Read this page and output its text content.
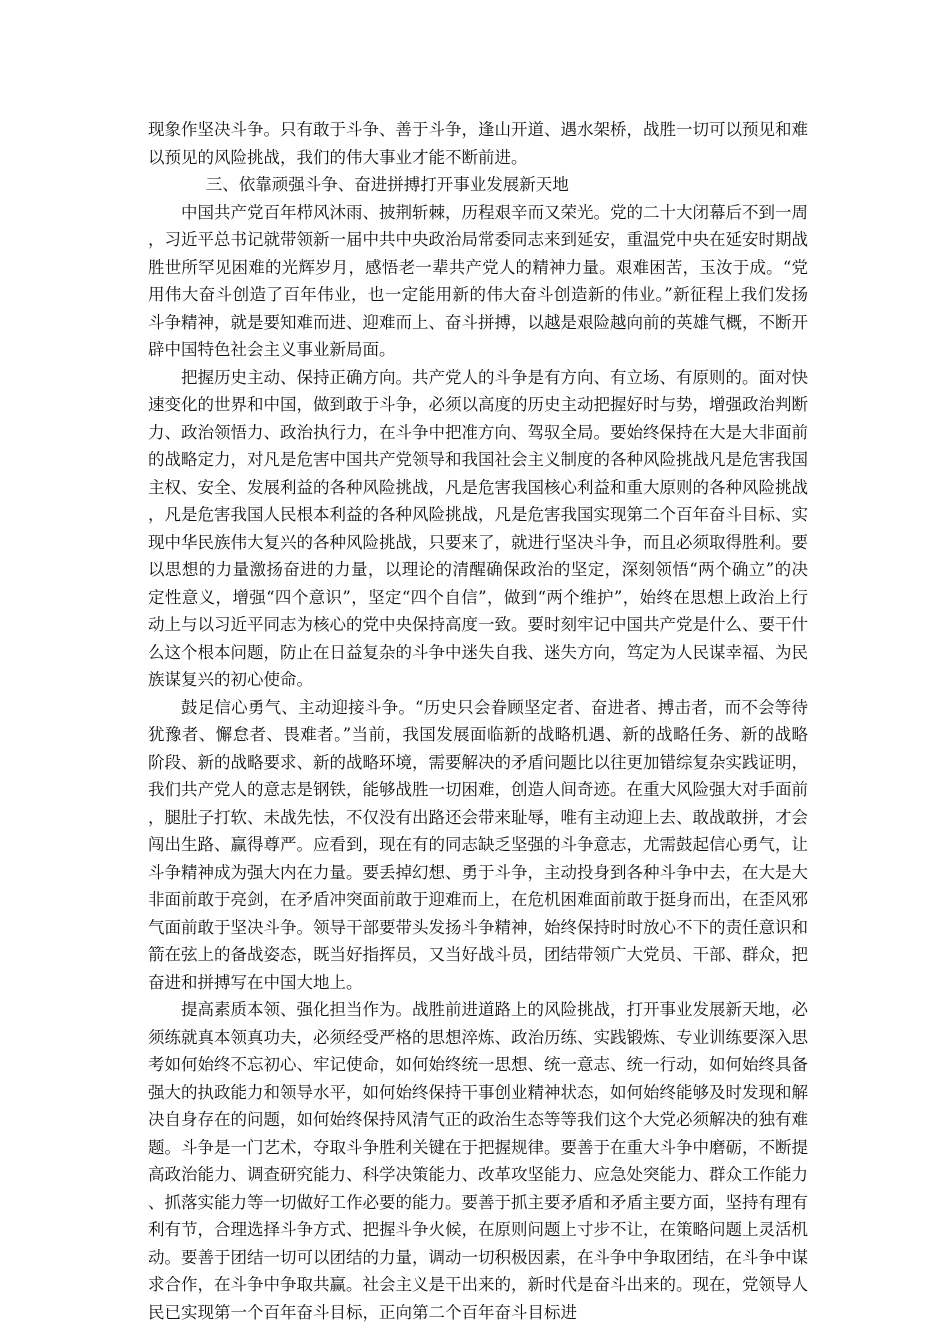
现象作坚决斗争。只有敢于斗争、善于斗争，逢山开道、遇水架桥，战胜一切可以预见和难以预见的风险挑战，我们的伟大事业才能不断前进。

三、依靠顽强斗争、奋进拼搏打开事业发展新天地

中国共产党百年栉风沐雨、披荆斩棘，历程艰辛而又荣光。党的二十大闭幕后不到一周，习近平总书记就带领新一届中共中央政治局常委同志来到延安，重温党中央在延安时期战胜世所罕见困难的光辉岁月，感悟老一辈共产党人的精神力量。艰难困苦，玉汝于成。“党用伟大奋斗创造了百年伟业，也一定能用新的伟大奋斗创造新的伟业。”新征程上我们发扬斗争精神，就是要知难而进、迎难而上、奋斗拼搏，以越是艰险越向前的英雄气概，不断开辟中国特色社会主义事业新局面。

把握历史主动、保持正确方向。共产党人的斗争是有方向、有立场、有原则的。面对快速变化的世界和中国，做到敢于斗争，必须以高度的历史主动把握好时与势，增强政治判断力、政治领悟力、政治执行力，在斗争中把准方向、驾驭全局。要始终保持在大是大非面前的战略定力，对凡是危害中国共产党领导和我国社会主义制度的各种风险挑战凡是危害我国主权、安全、发展利益的各种风险挑战，凡是危害我国核心利益和重大原则的各种风险挑战，凡是危害我国人民根本利益的各种风险挑战，凡是危害我国实现第二个百年奋斗目标、实现中华民族伟大复兴的各种风险挑战，只要来了，就进行坚决斗争，而且必须取得胜利。要以思想的力量激扬奋进的力量，以理论的清醒确保政治的坚定，深刻领悟“两个确立”的决定性意义，增强“四个意识”，坚定“四个自信”，做到“两个维护”，始终在思想上政治上行动上与以习近平同志为核心的党中央保持高度一致。要时刻牢记中国共产党是什么、要干什么这个根本问题，防止在日益复杂的斗争中迷失自我、迷失方向，笃定为人民谋幸福、为民族谋复兴的初心使命。

鼓足信心勇气、主动迎接斗争。“历史只会眷顾坚定者、奋进者、搏击者，而不会等待犹豫者、懈怠者、畏难者。”当前，我国发展面临新的战略机遇、新的战略任务、新的战略阶段、新的战略要求、新的战略环境，需要解决的矛盾问题比以往更加错综复杂实践证明，我们共产党人的意志是钢铁，能够战胜一切困难，创造人间奇迹。在重大风险强大对手面前，腿肚子打软、未战先怯，不仅没有出路还会带来耻辱，唯有主动迎上去、敢战敢拼，才会闯出生路、赢得尊严。应看到，现在有的同志缺乏坚强的斗争意志，尤需鼓起信心勇气，让斗争精神成为强大内在力量。要丢掉幻想、勇于斗争，主动投身到各种斗争中去，在大是大非面前敢于亮剑，在矛盾冲突面前敢于迎难而上，在危机困难面前敢于挺身而出，在歪风邪气面前敢于坚决斗争。领导干部要带头发扬斗争精神，始终保持时时放心不下的责任意识和箭在弦上的备战姿态，既当好指挥员，又当好战斗员，团结带领广大党员、干部、群众，把奋进和拼搏写在中国大地上。

提高素质本领、强化担当作为。战胜前进道路上的风险挑战，打开事业发展新天地，必须练就真本领真功夫，必须经受严格的思想淬炼、政治历练、实践锻炼、专业训练要深入思考如何始终不忘初心、牢记使命，如何始终统一思想、统一意志、统一行动，如何始终具备强大的执政能力和领导水平，如何始终保持干事创业精神状态，如何始终能够及时发现和解决自身存在的问题，如何始终保持风清气正的政治生态等等我们这个大党必须解决的独有难题。斗争是一门艺术，夺取斗争胜利关键在于把握规律。要善于在重大斗争中磨砺，不断提高政治能力、调查研究能力、科学决策能力、改革攻坚能力、应急处突能力、群众工作能力、抓落实能力等一切做好工作必要的能力。要善于抓主要矛盾和矛盾主要方面，坚持有理有利有节，合理选择斗争方式、把握斗争火候，在原则问题上寸步不让，在策略问题上灵活机动。要善于团结一切可以团结的力量，调动一切积极因素，在斗争中争取团结，在斗争中谋求合作，在斗争中争取共赢。社会主义是干出来的，新时代是奋斗出来的。现在，党领导人民已实现第一个百年奋斗目标，正向第二个百年奋斗目标进
